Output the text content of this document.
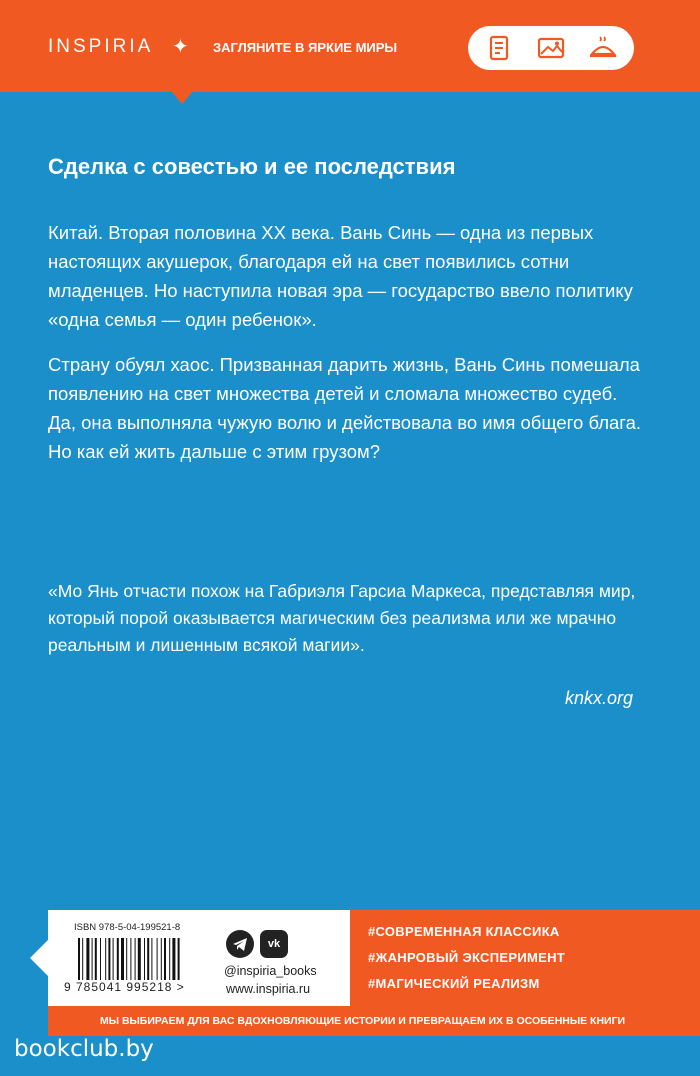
INSPIRIA ✦ ЗАГЛЯНИТЕ В ЯРКИЕ МИРЫ
Сделка с совестью и ее последствия
Китай. Вторая половина XX века. Вань Синь — одна из первых настоящих акушерок, благодаря ей на свет появились сотни младенцев. Но наступила новая эра — государство ввело политику «одна семья — один ребенок».
Страну обуял хаос. Призванная дарить жизнь, Вань Синь помешала появлению на свет множества детей и сломала множество судеб. Да, она выполняла чужую волю и действовала во имя общего блага. Но как ей жить дальше с этим грузом?
«Мо Янь отчасти похож на Габриэля Гарсиа Маркеса, представляя мир, который порой оказывается магическим без реализма или же мрачно реальным и лишенным всякой магии».
knkx.org
ISBN 978-5-04-199521-8
9 785041 995218 >
vk
@inspiria_books
www.inspiria.ru
#СОВРЕМЕННАЯ КЛАССИКА
#ЖАНРОВЫЙ ЭКСПЕРИМЕНТ
#МАГИЧЕСКИЙ РЕАЛИЗМ
МЫ ВЫБИРАЕМ ДЛЯ ВАС ВДОХНОВЛЯЮЩИЕ ИСТОРИИ И ПРЕВРАЩАЕМ ИХ В ОСОБЕННЫЕ КНИГИ
bookclub.by
